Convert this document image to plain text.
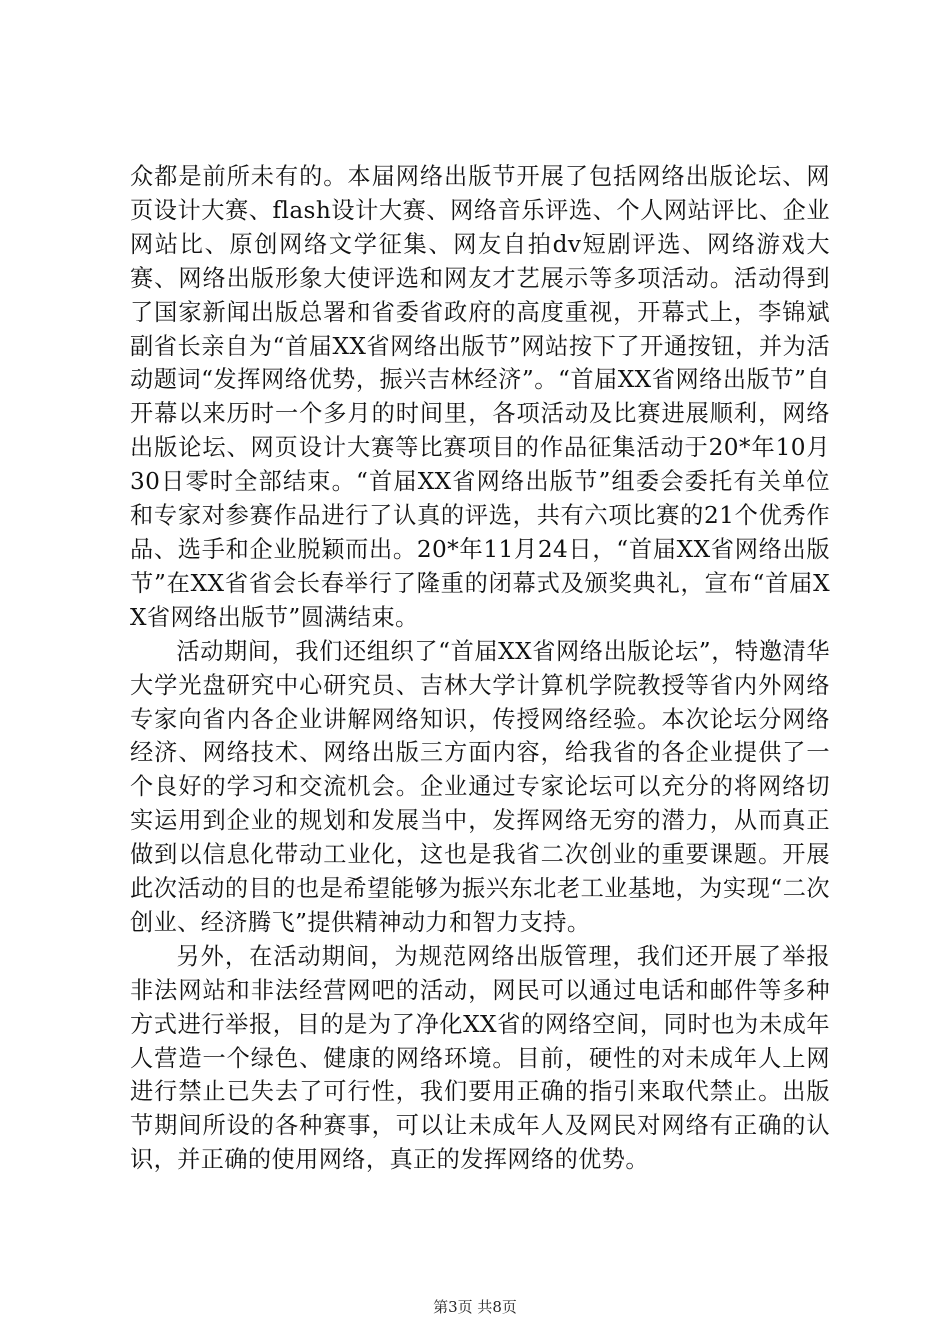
众都是前所未有的。本届网络出版节开展了包括网络出版论坛、网页设计大赛、flash设计大赛、网络音乐评选、个人网站评比、企业网站比、原创网络文学征集、网友自拍dv短剧评选、网络游戏大赛、网络出版形象大使评选和网友才艺展示等多项活动。活动得到了国家新闻出版总署和省委省政府的高度重视，开幕式上，李锦斌副省长亲自为“首届XX省网络出版节”网站按下了开通按钮，并为活动题词“发挥网络优势，振兴吉林经济”。“首届XX省网络出版节”自开幕以来历时一个多月的时间里，各项活动及比赛进展顺利，网络出版论坛、网页设计大赛等比赛项目的作品征集活动于20*年10月30日零时全部结束。“首届XX省网络出版节”组委会委托有关单位和专家对参赛作品进行了认真的评选，共有六项比赛的21个优秀作品、选手和企业脱颖而出。20*年11月24日，“首届XX省网络出版节”在XX省省会长春举行了隆重的闭幕式及颁奖典礼，宣布“首届XX省网络出版节”圆满结束。

活动期间，我们还组织了“首届XX省网络出版论坛”，特邀清华大学光盘研究中心研究员、吉林大学计算机学院教授等省内外网络专家向省内各企业讲解网络知识，传授网络经验。本次论坛分网络经济、网络技术、网络出版三方面内容，给我省的各企业提供了一个良好的学习和交流机会。企业通过专家论坛可以充分的将网络切实运用到企业的规划和发展当中，发挥网络无穷的潜力，从而真正做到以信息化带动工业化，这也是我省二次创业的重要课题。开展此次活动的目的也是希望能够为振兴东北老工业基地，为实现“二次创业、经济腾飞”提供精神动力和智力支持。

另外，在活动期间，为规范网络出版管理，我们还开展了举报非法网站和非法经营网吧的活动，网民可以通过电话和邮件等多种方式进行举报，目的是为了净化XX省的网络空间，同时也为未成年人营造一个绿色、健康的网络环境。目前，硬性的对未成年人上网进行禁止已失去了可行性，我们要用正确的指引来取代禁止。出版节期间所设的各种赛事，可以让未成年人及网民对网络有正确的认识，并正确的使用网络，真正的发挥网络的优势。

第3页 共8页
